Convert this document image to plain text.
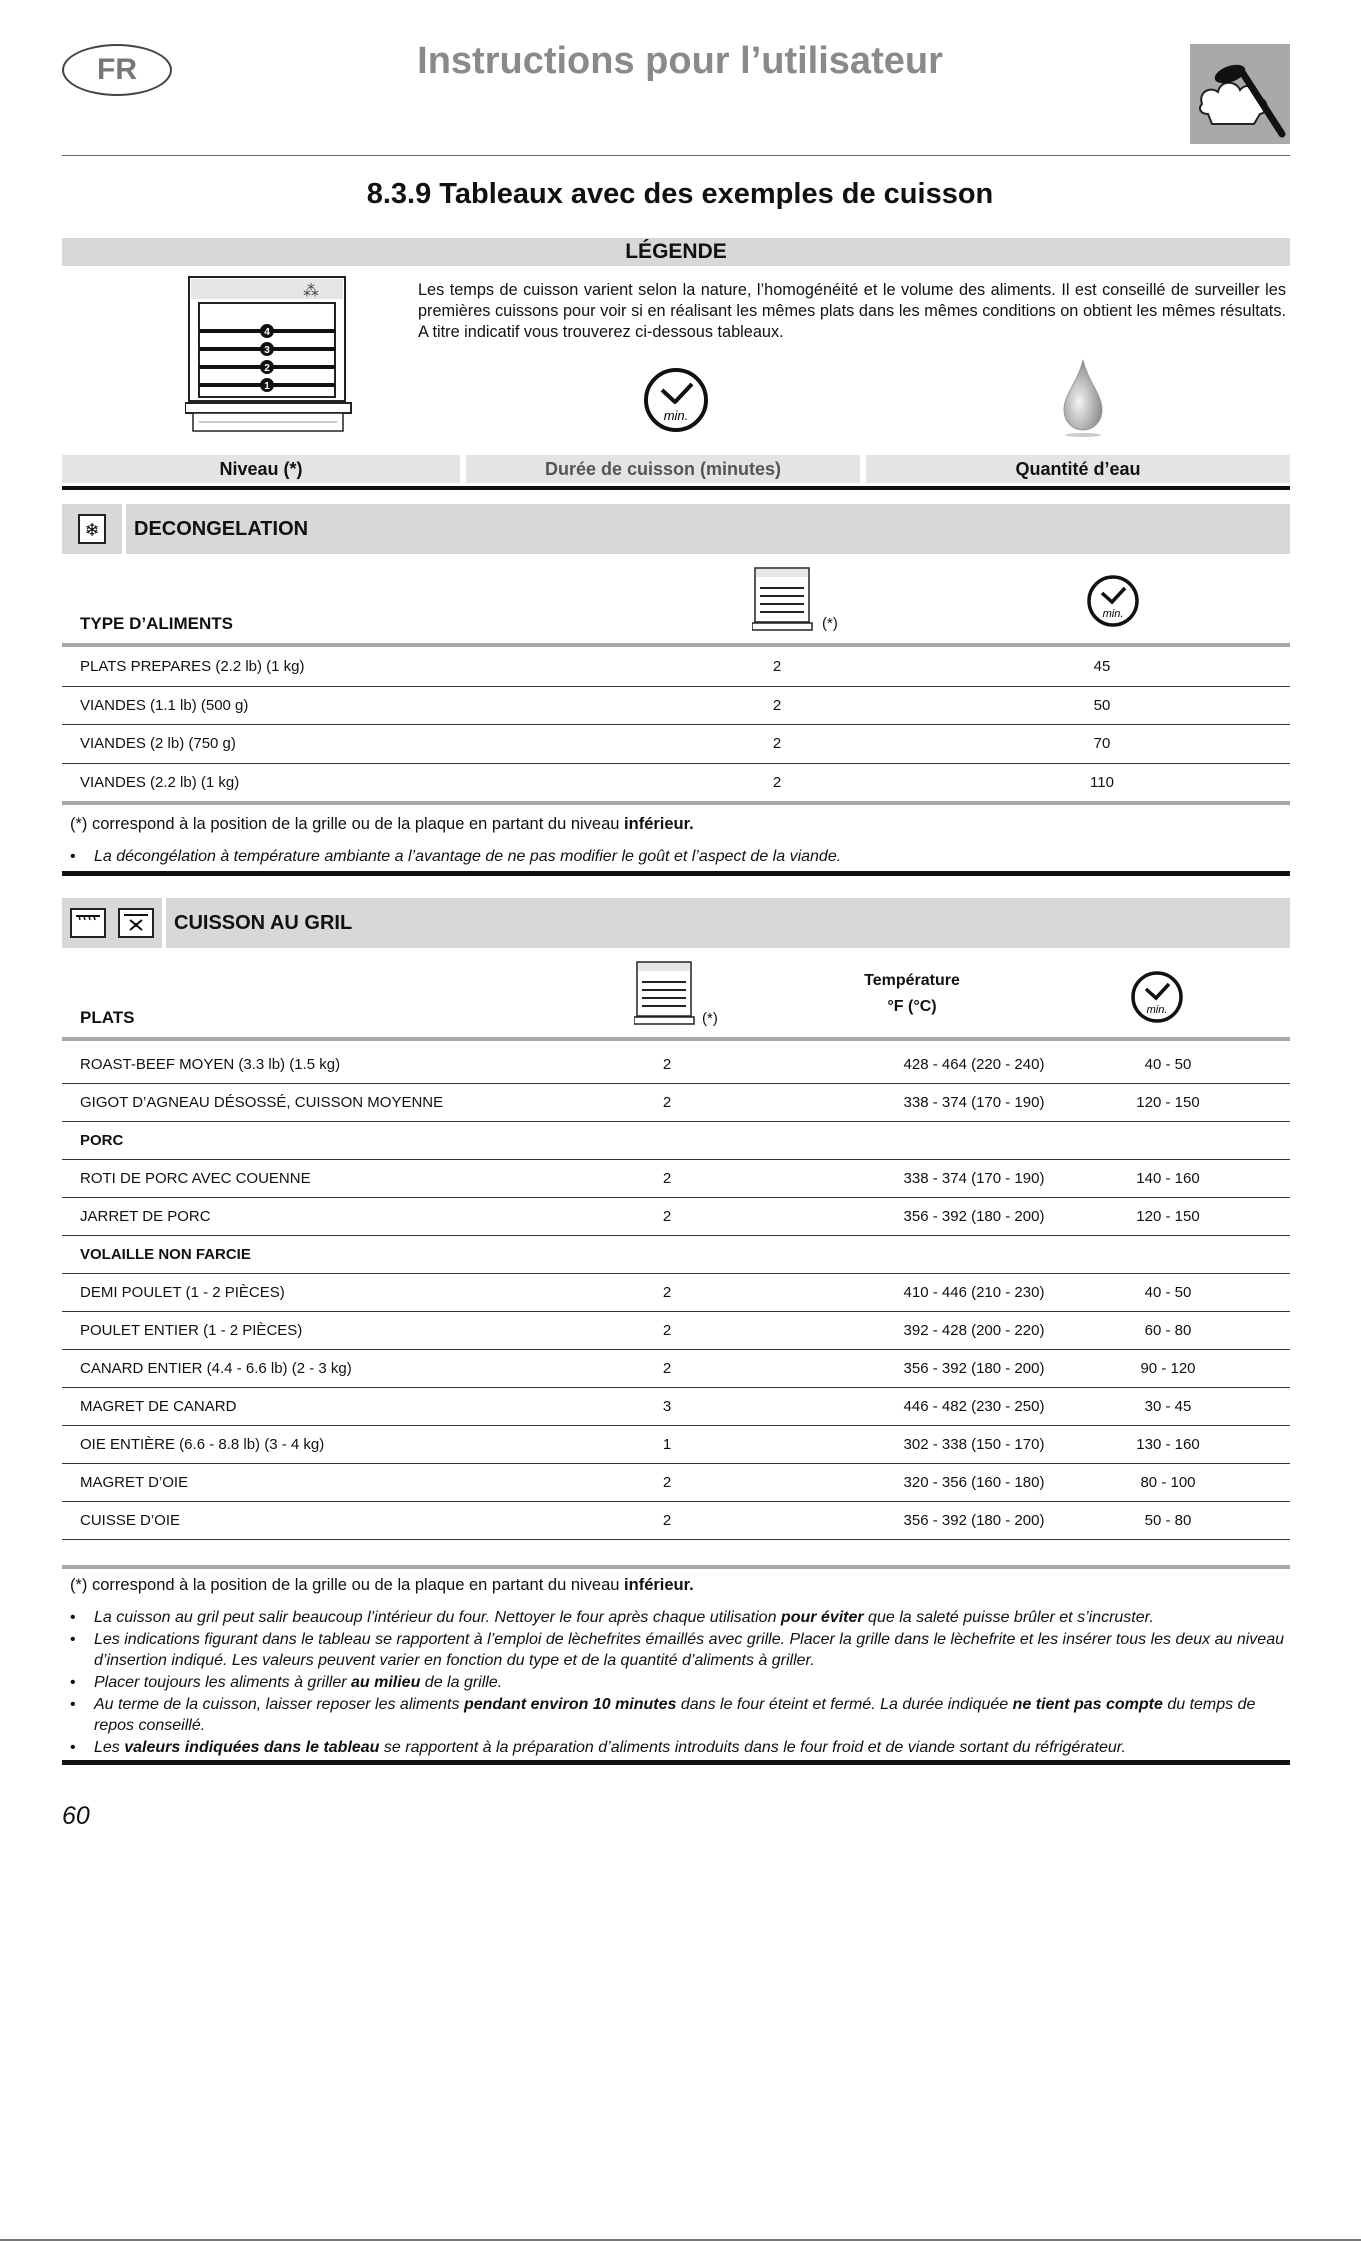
FR	Instructions pour l’utilisateur
8.3.9 Tableaux avec des exemples de cuisson
LÉGENDE
⁂
4
3
2
1
Les temps de cuisson varient selon la nature, l’homogénéité et le volume des aliments. Il est conseillé de surveiller les premières cuissons pour voir si en réalisant les mêmes plats dans les mêmes conditions on obtient les mêmes résultats. A titre indicatif vous trouverez ci-dessous tableaux.
min.
Niveau (*)	Durée de cuisson (minutes)	Quantité d’eau
❄	DECONGELATION
TYPE D’ALIMENTS	(*)
min.
PLATS PREPARES (2.2 lb) (1 kg)	2	45
VIANDES (1.1 lb) (500 g)	2	50
VIANDES (2 lb) (750 g)	2	70
VIANDES (2.2 lb) (1 kg)	2	110
(*) correspond à la position de la grille ou de la plaque en partant du niveau inférieur.
• La décongélation à température ambiante a l’avantage de ne pas modifier le goût et l’aspect de la viande.
CUISSON AU GRIL
PLATS	(*)
Température
°F (°C)	min.
ROAST-BEEF MOYEN (3.3 lb) (1.5 kg)	2	428 - 464 (220 - 240)	40 - 50
GIGOT D’AGNEAU DÉSOSSÉ, CUISSON MOYENNE	2	338 - 374 (170 - 190)	120 - 150
PORC
ROTI DE PORC AVEC COUENNE	2	338 - 374 (170 - 190)	140 - 160
JARRET DE PORC	2	356 - 392 (180 - 200)	120 - 150
VOLAILLE NON FARCIE
DEMI POULET (1 - 2 PIÈCES)	2	410 - 446 (210 - 230)	40 - 50
POULET ENTIER (1 - 2 PIÈCES)	2	392 - 428 (200 - 220)	60 - 80
CANARD ENTIER (4.4 - 6.6 lb) (2 - 3 kg)	2	356 - 392 (180 - 200)	90 - 120
MAGRET DE CANARD	3	446 - 482 (230 - 250)	30 - 45
OIE ENTIÈRE (6.6 - 8.8 lb) (3 - 4 kg)	1	302 - 338 (150 - 170)	130 - 160
MAGRET D’OIE	2	320 - 356 (160 - 180)	80 - 100
CUISSE D’OIE	2	356 - 392 (180 - 200)	50 - 80
(*) correspond à la position de la grille ou de la plaque en partant du niveau inférieur.
• La cuisson au gril peut salir beaucoup l’intérieur du four. Nettoyer le four après chaque utilisation pour éviter que la saleté puisse brûler et s’incruster.
• Les indications figurant dans le tableau se rapportent à l’emploi de lèchefrites émaillés avec grille. Placer la grille dans le lèchefrite et les insérer tous les deux au niveau d’insertion indiqué. Les valeurs peuvent varier en fonction du type et de la quantité d’aliments à griller.
• Placer toujours les aliments à griller au milieu de la grille.
• Au terme de la cuisson, laisser reposer les aliments pendant environ 10 minutes dans le four éteint et fermé. La durée indiquée ne tient pas compte du temps de repos conseillé.
• Les valeurs indiquées dans le tableau se rapportent à la préparation d’aliments introduits dans le four froid et de viande sortant du réfrigérateur.
60
